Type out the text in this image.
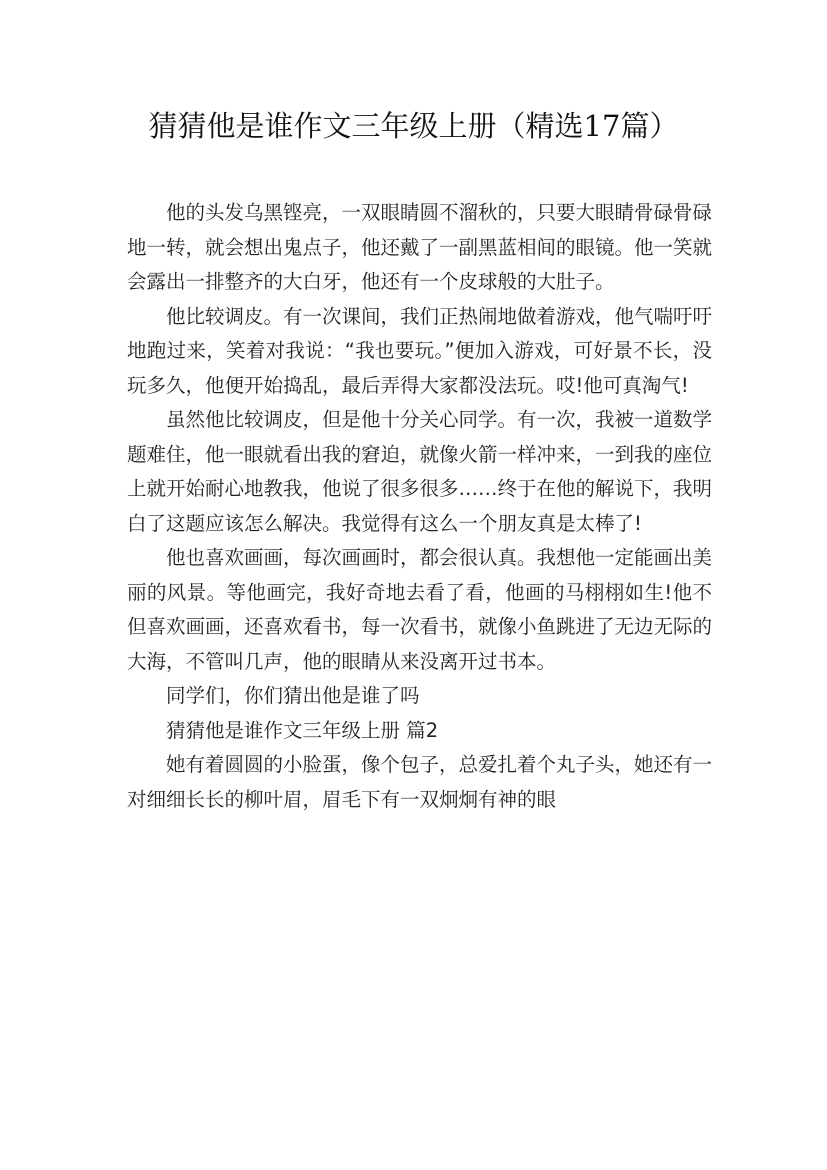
猜猜他是谁作文三年级上册（精选17篇）

他的头发乌黑铿亮，一双眼睛圆不溜秋的，只要大眼睛骨碌骨碌地一转，就会想出鬼点子，他还戴了一副黑蓝相间的眼镜。他一笑就会露出一排整齐的大白牙，他还有一个皮球般的大肚子。

他比较调皮。有一次课间，我们正热闹地做着游戏，他气喘吁吁地跑过来，笑着对我说：“我也要玩。”便加入游戏，可好景不长，没玩多久，他便开始捣乱，最后弄得大家都没法玩。哎!他可真淘气!

虽然他比较调皮，但是他十分关心同学。有一次，我被一道数学题难住，他一眼就看出我的窘迫，就像火箭一样冲来，一到我的座位上就开始耐心地教我，他说了很多很多……终于在他的解说下，我明白了这题应该怎么解决。我觉得有这么一个朋友真是太棒了!

他也喜欢画画，每次画画时，都会很认真。我想他一定能画出美丽的风景。等他画完，我好奇地去看了看，他画的马栩栩如生!他不但喜欢画画，还喜欢看书，每一次看书，就像小鱼跳进了无边无际的大海，不管叫几声，他的眼睛从来没离开过书本。

同学们，你们猜出他是谁了吗

猜猜他是谁作文三年级上册 篇2

她有着圆圆的小脸蛋，像个包子，总爱扎着个丸子头，她还有一对细细长长的柳叶眉，眉毛下有一双炯炯有神的眼
